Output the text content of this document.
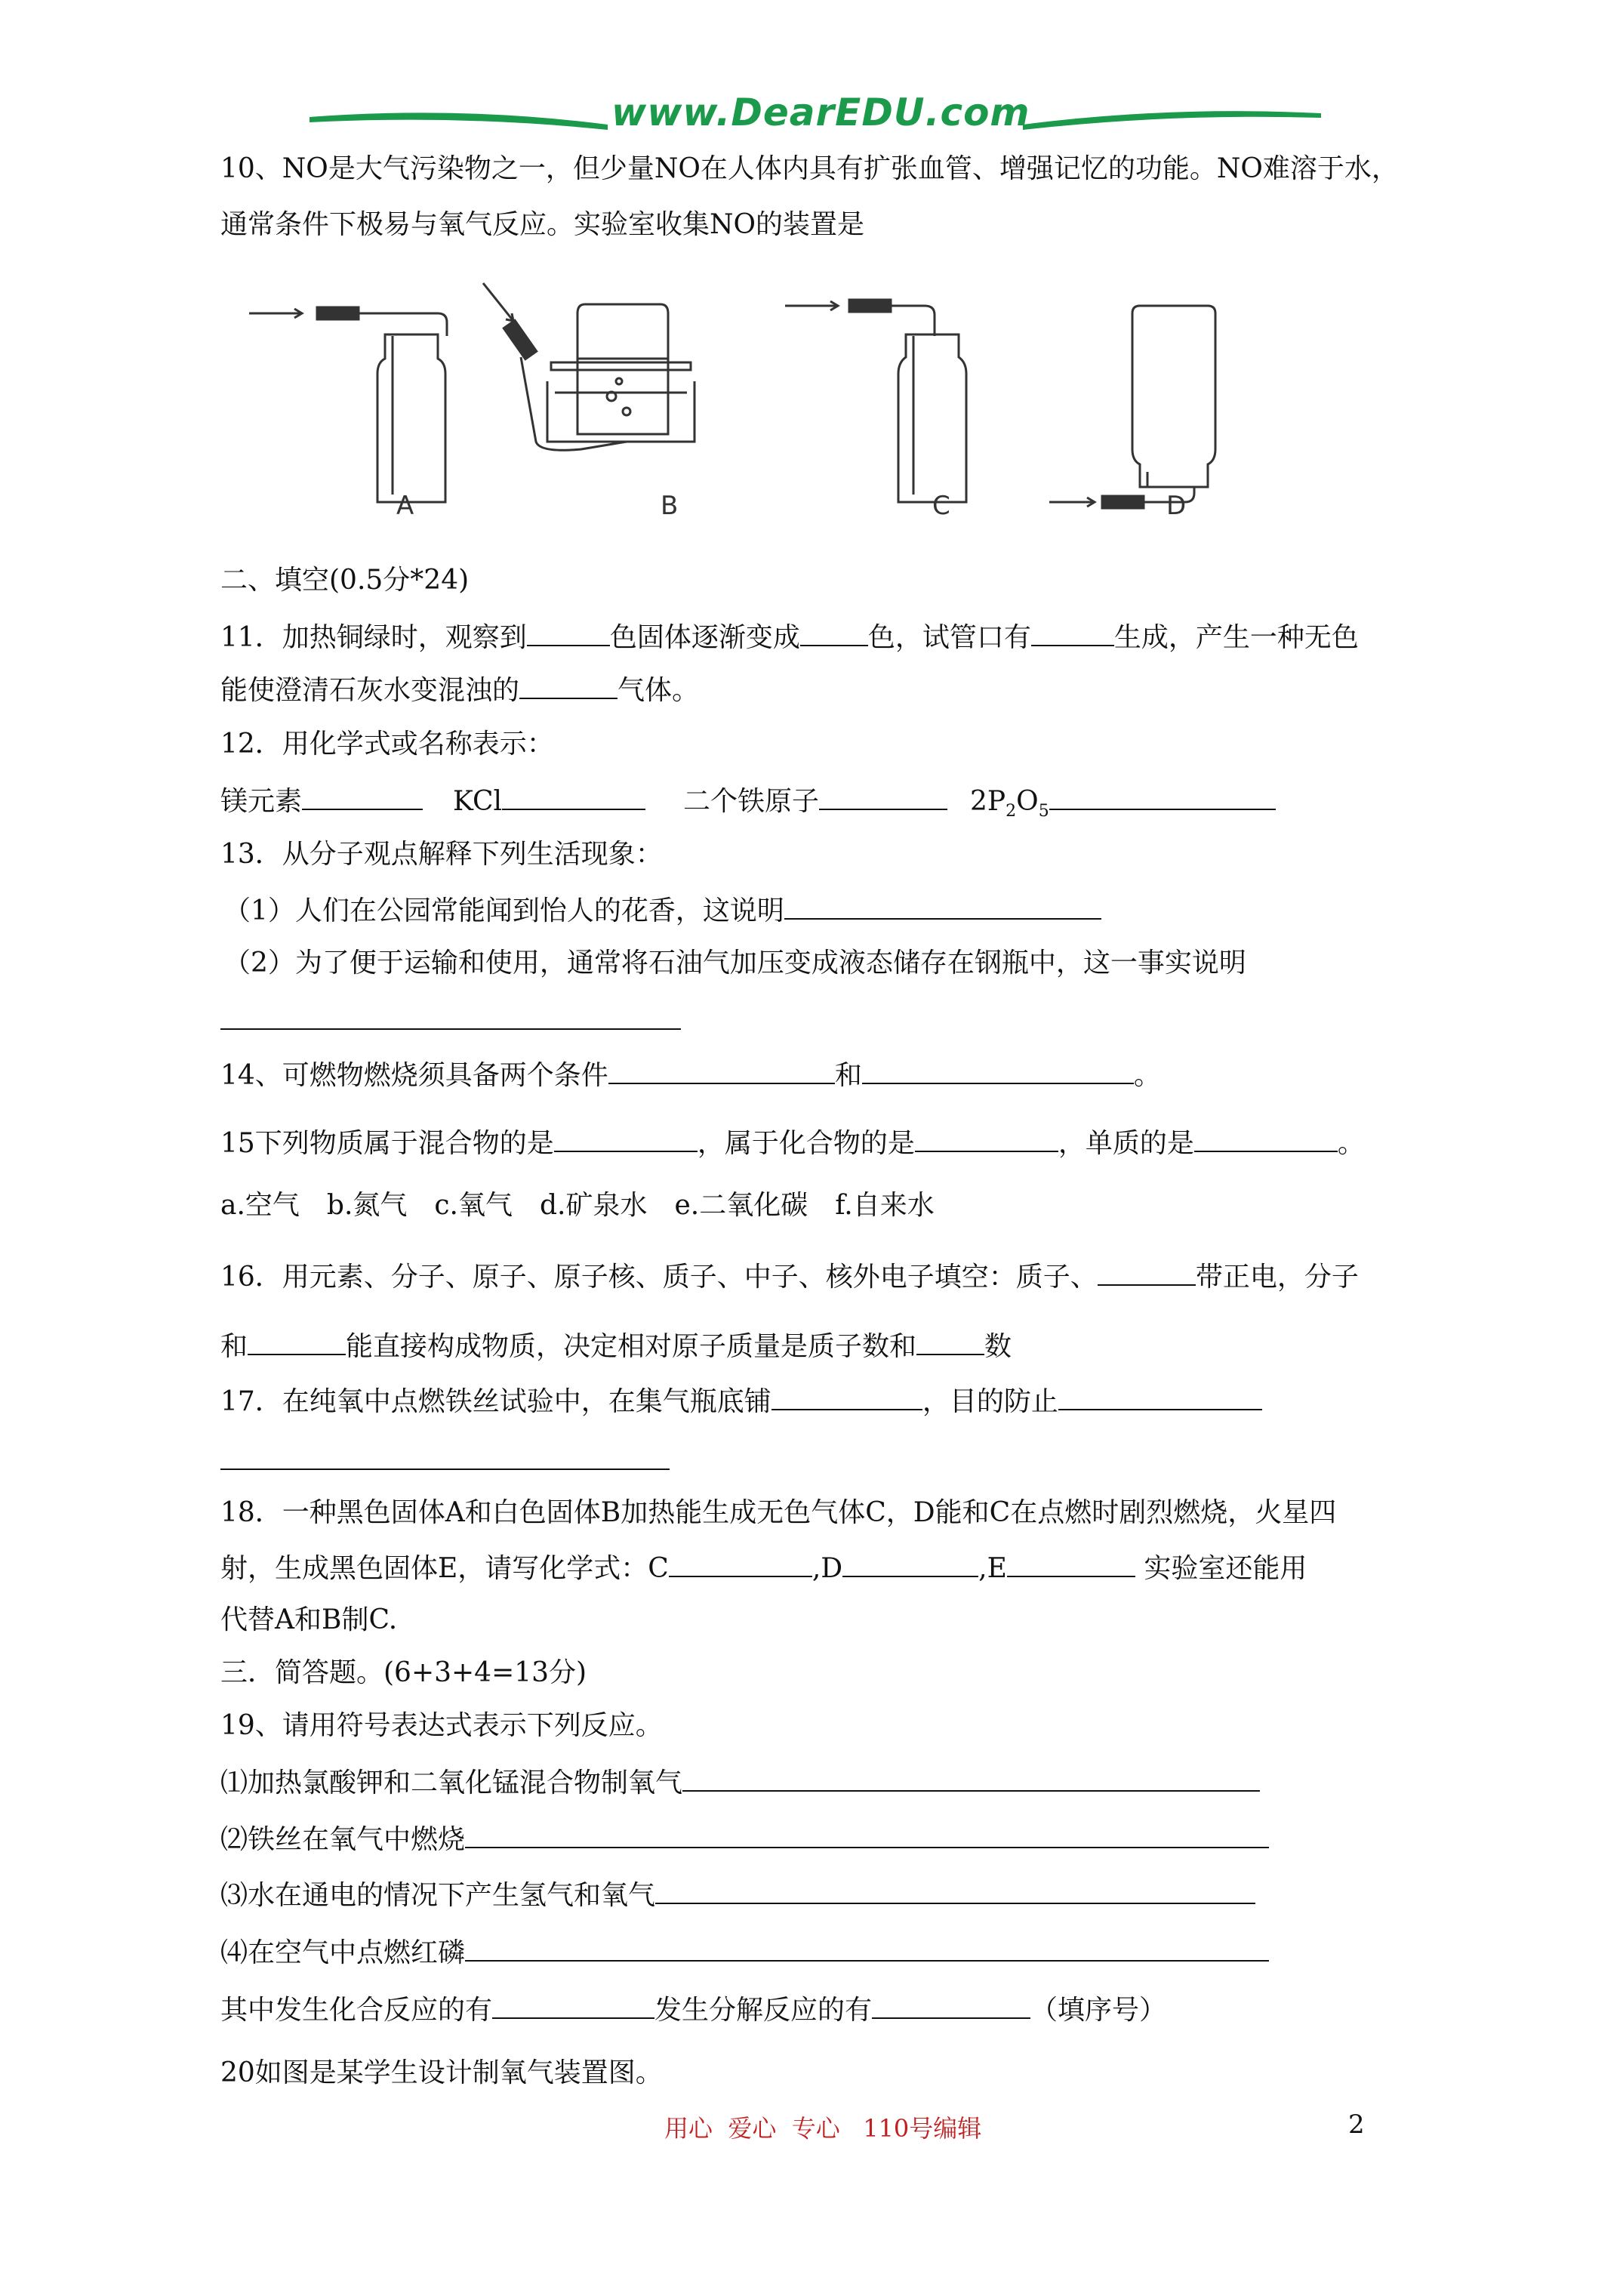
www.DearEDU.com
10、NO是大气污染物之一，但少量NO在人体内具有扩张血管、增强记忆的功能。NO难溶于水，
通常条件下极易与氧气反应。实验室收集NO的装置是
A	B	C	D
二、填空(0.5分*24)
11．加热铜绿时，观察到	色固体逐渐变成	色，试管口有	生成，产生一种无色
能使澄清石灰水变混浊的	气体。
12．用化学式或名称表示：
镁元素	KCl	二个铁原子	$2P_2O_5$
13．从分子观点解释下列生活现象：
（1）人们在公园常能闻到怡人的花香，这说明
（2）为了便于运输和使用，通常将石油气加压变成液态储存在钢瓶中，这一事实说明
14、可燃物燃烧须具备两个条件	和	。
15下列物质属于混合物的是	，属于化合物的是	，单质的是	。
a.空气　b.氮气　c.氧气　d.矿泉水　e.二氧化碳　f.自来水
16．用元素、分子、原子、原子核、质子、中子、核外电子填空：质子、	带正电，分子
和	能直接构成物质，决定相对原子质量是质子数和	数
17．在纯氧中点燃铁丝试验中，在集气瓶底铺	，目的防止
18．一种黑色固体A和白色固体B加热能生成无色气体C，D能和C在点燃时剧烈燃烧，火星四
射，生成黑色固体E，请写化学式：C	,D	,E	实验室还能用
代替A和B制C.
三．简答题。(6+3+4=13分)
19、请用符号表达式表示下列反应。
⑴加热氯酸钾和二氧化锰混合物制氧气
⑵铁丝在氧气中燃烧
⑶水在通电的情况下产生氢气和氧气
⑷在空气中点燃红磷
其中发生化合反应的有	发生分解反应的有	（填序号）
20如图是某学生设计制氧气装置图。
用心  爱心  专心   110号编辑	2
